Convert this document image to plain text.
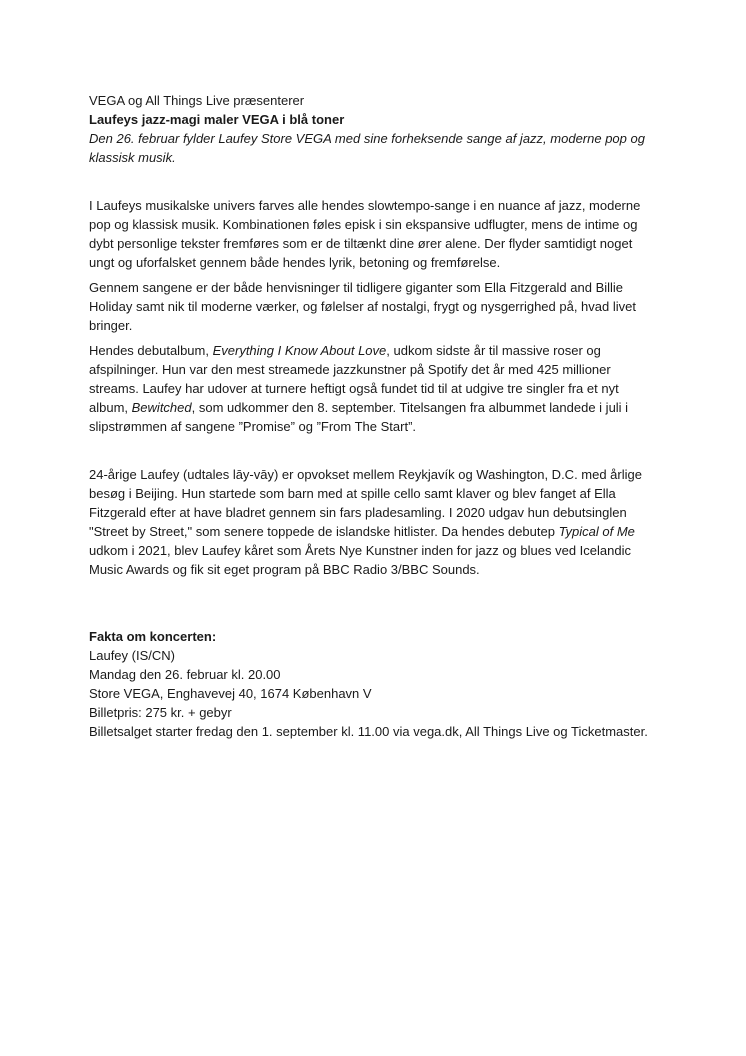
VEGA og All Things Live præsenterer

Laufeys jazz-magi maler VEGA i blå toner

Den 26. februar fylder Laufey Store VEGA med sine forheksende sange af jazz, moderne pop og klassisk musik.

I Laufeys musikalske univers farves alle hendes slowtempo-sange i en nuance af jazz, moderne pop og klassisk musik. Kombinationen føles episk i sin ekspansive udflugter, mens de intime og dybt personlige tekster fremføres som er de tiltænkt dine ører alene. Der flyder samtidigt noget ungt og uforfalsket gennem både hendes lyrik, betoning og fremførelse.

Gennem sangene er der både henvisninger til tidligere giganter som Ella Fitzgerald and Billie Holiday samt nik til moderne værker, og følelser af nostalgi, frygt og nysgerrighed på, hvad livet bringer.

Hendes debutalbum, Everything I Know About Love, udkom sidste år til massive roser og afspilninger. Hun var den mest streamede jazzkunstner på Spotify det år med 425 millioner streams. Laufey har udover at turnere heftigt også fundet tid til at udgive tre singler fra et nyt album, Bewitched, som udkommer den 8. september. Titelsangen fra albummet landede i juli i slipstrømmen af sangene ”Promise” og ”From The Start”.

24-årige Laufey (udtales lāy-vāy) er opvokset mellem Reykjavík og Washington, D.C. med årlige besøg i Beijing. Hun startede som barn med at spille cello samt klaver og blev fanget af Ella Fitzgerald efter at have bladret gennem sin fars pladesamling. I 2020 udgav hun debutsinglen "Street by Street," som senere toppede de islandske hitlister. Da hendes debutep Typical of Me udkom i 2021, blev Laufey kåret som Årets Nye Kunstner inden for jazz og blues ved Icelandic Music Awards og fik sit eget program på BBC Radio 3/BBC Sounds.

Fakta om koncerten:

Laufey (IS/CN)

Mandag den 26. februar kl. 20.00

Store VEGA, Enghavevej 40, 1674 København V

Billetpris: 275 kr. + gebyr

Billetsalget starter fredag den 1. september kl. 11.00 via vega.dk, All Things Live og Ticketmaster.
